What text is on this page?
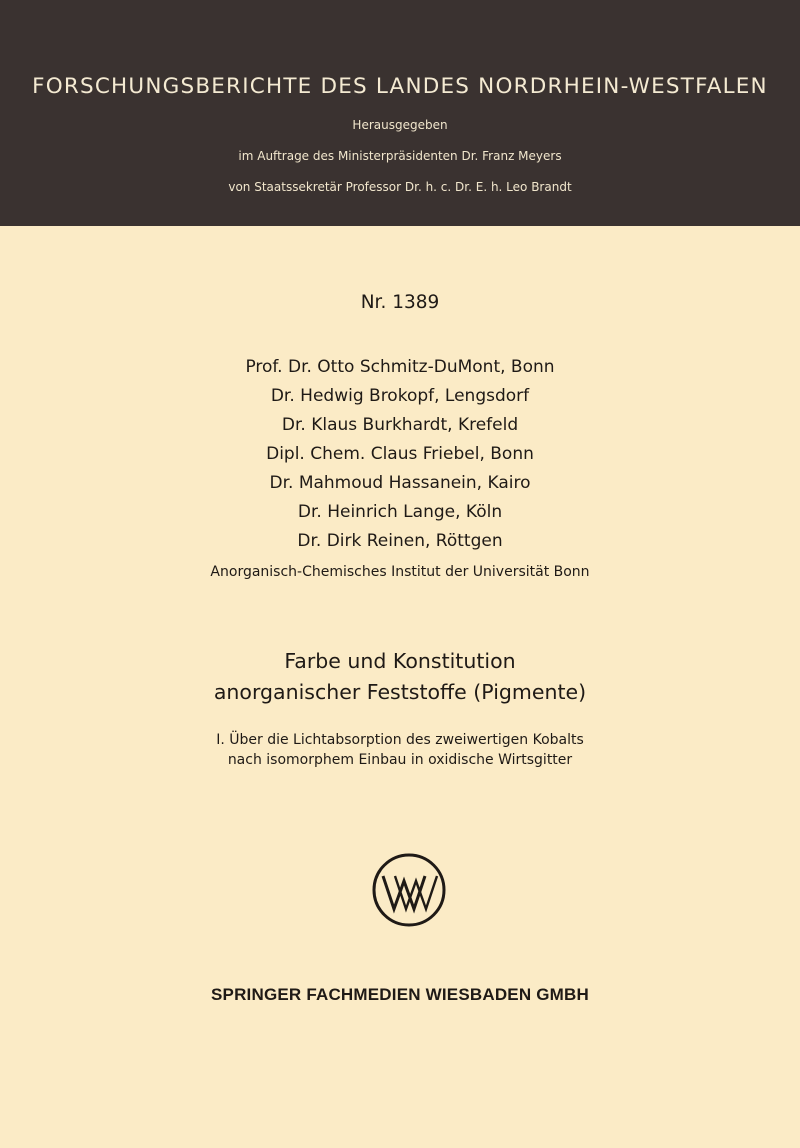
FORSCHUNGSBERICHTE DES LANDES NORDRHEIN-WESTFALEN
Herausgegeben
im Auftrage des Ministerpräsidenten Dr. Franz Meyers
von Staatssekretär Professor Dr. h. c. Dr. E. h. Leo Brandt
Nr. 1389
Prof. Dr. Otto Schmitz-DuMont, Bonn
Dr. Hedwig Brokopf, Lengsdorf
Dr. Klaus Burkhardt, Krefeld
Dipl. Chem. Claus Friebel, Bonn
Dr. Mahmoud Hassanein, Kairo
Dr. Heinrich Lange, Köln
Dr. Dirk Reinen, Röttgen
Anorganisch-Chemisches Institut der Universität Bonn
Farbe und Konstitution
anorganischer Feststoffe (Pigmente)
I. Über die Lichtabsorption des zweiwertigen Kobalts
nach isomorphem Einbau in oxidische Wirtsgitter
SPRINGER FACHMEDIEN WIESBADEN GMBH
